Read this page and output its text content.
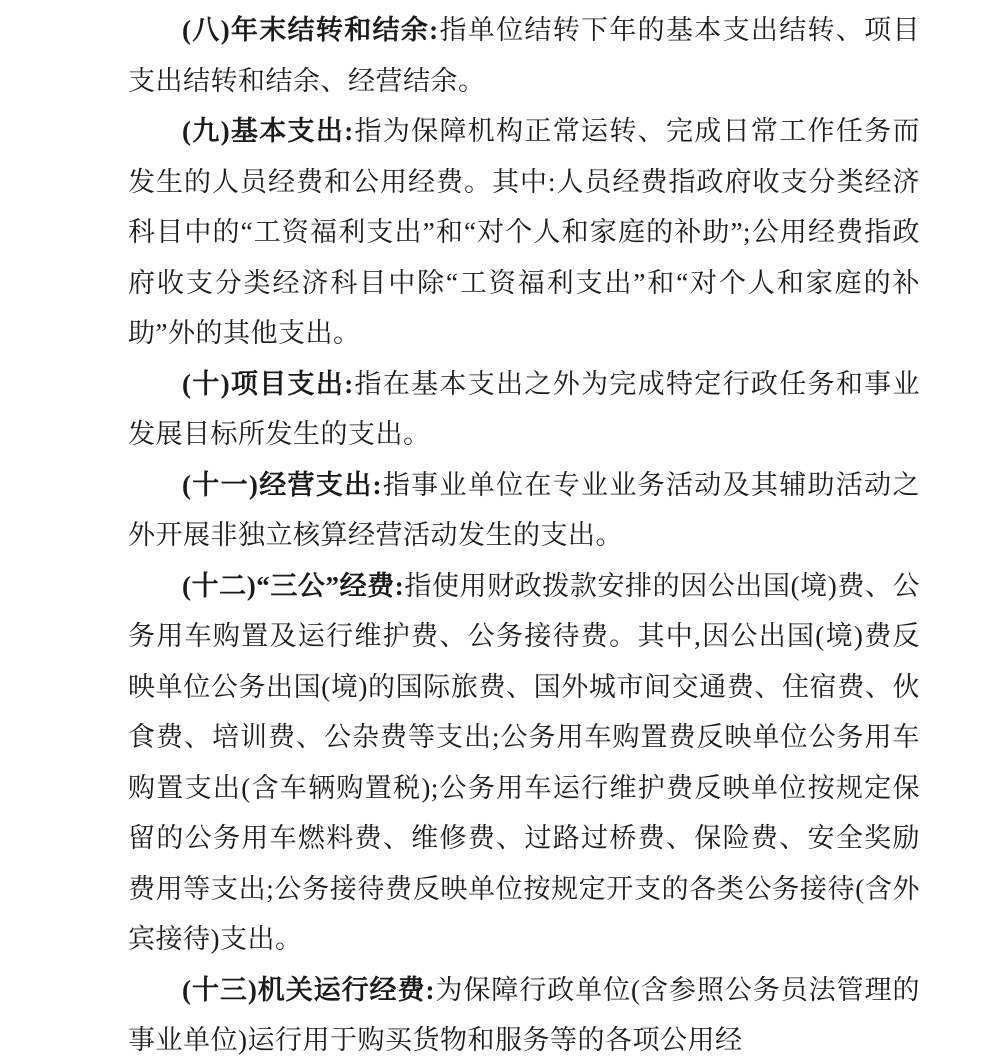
(八)年末结转和结余:指单位结转下年的基本支出结转、项目支出结转和结余、经营结余。

(九)基本支出:指为保障机构正常运转、完成日常工作任务而发生的人员经费和公用经费。其中:人员经费指政府收支分类经济科目中的“工资福利支出”和“对个人和家庭的补助”;公用经费指政府收支分类经济科目中除“工资福利支出”和“对个人和家庭的补助”外的其他支出。

(十)项目支出:指在基本支出之外为完成特定行政任务和事业发展目标所发生的支出。

(十一)经营支出:指事业单位在专业业务活动及其辅助活动之外开展非独立核算经营活动发生的支出。

(十二)“三公”经费:指使用财政拨款安排的因公出国(境)费、公务用车购置及运行维护费、公务接待费。其中,因公出国(境)费反映单位公务出国(境)的国际旅费、国外城市间交通费、住宿费、伙食费、培训费、公杂费等支出;公务用车购置费反映单位公务用车购置支出(含车辆购置税);公务用车运行维护费反映单位按规定保留的公务用车燃料费、维修费、过路过桥费、保险费、安全奖励费用等支出;公务接待费反映单位按规定开支的各类公务接待(含外宾接待)支出。

(十三)机关运行经费:为保障行政单位(含参照公务员法管理的事业单位)运行用于购买货物和服务等的各项公用经
